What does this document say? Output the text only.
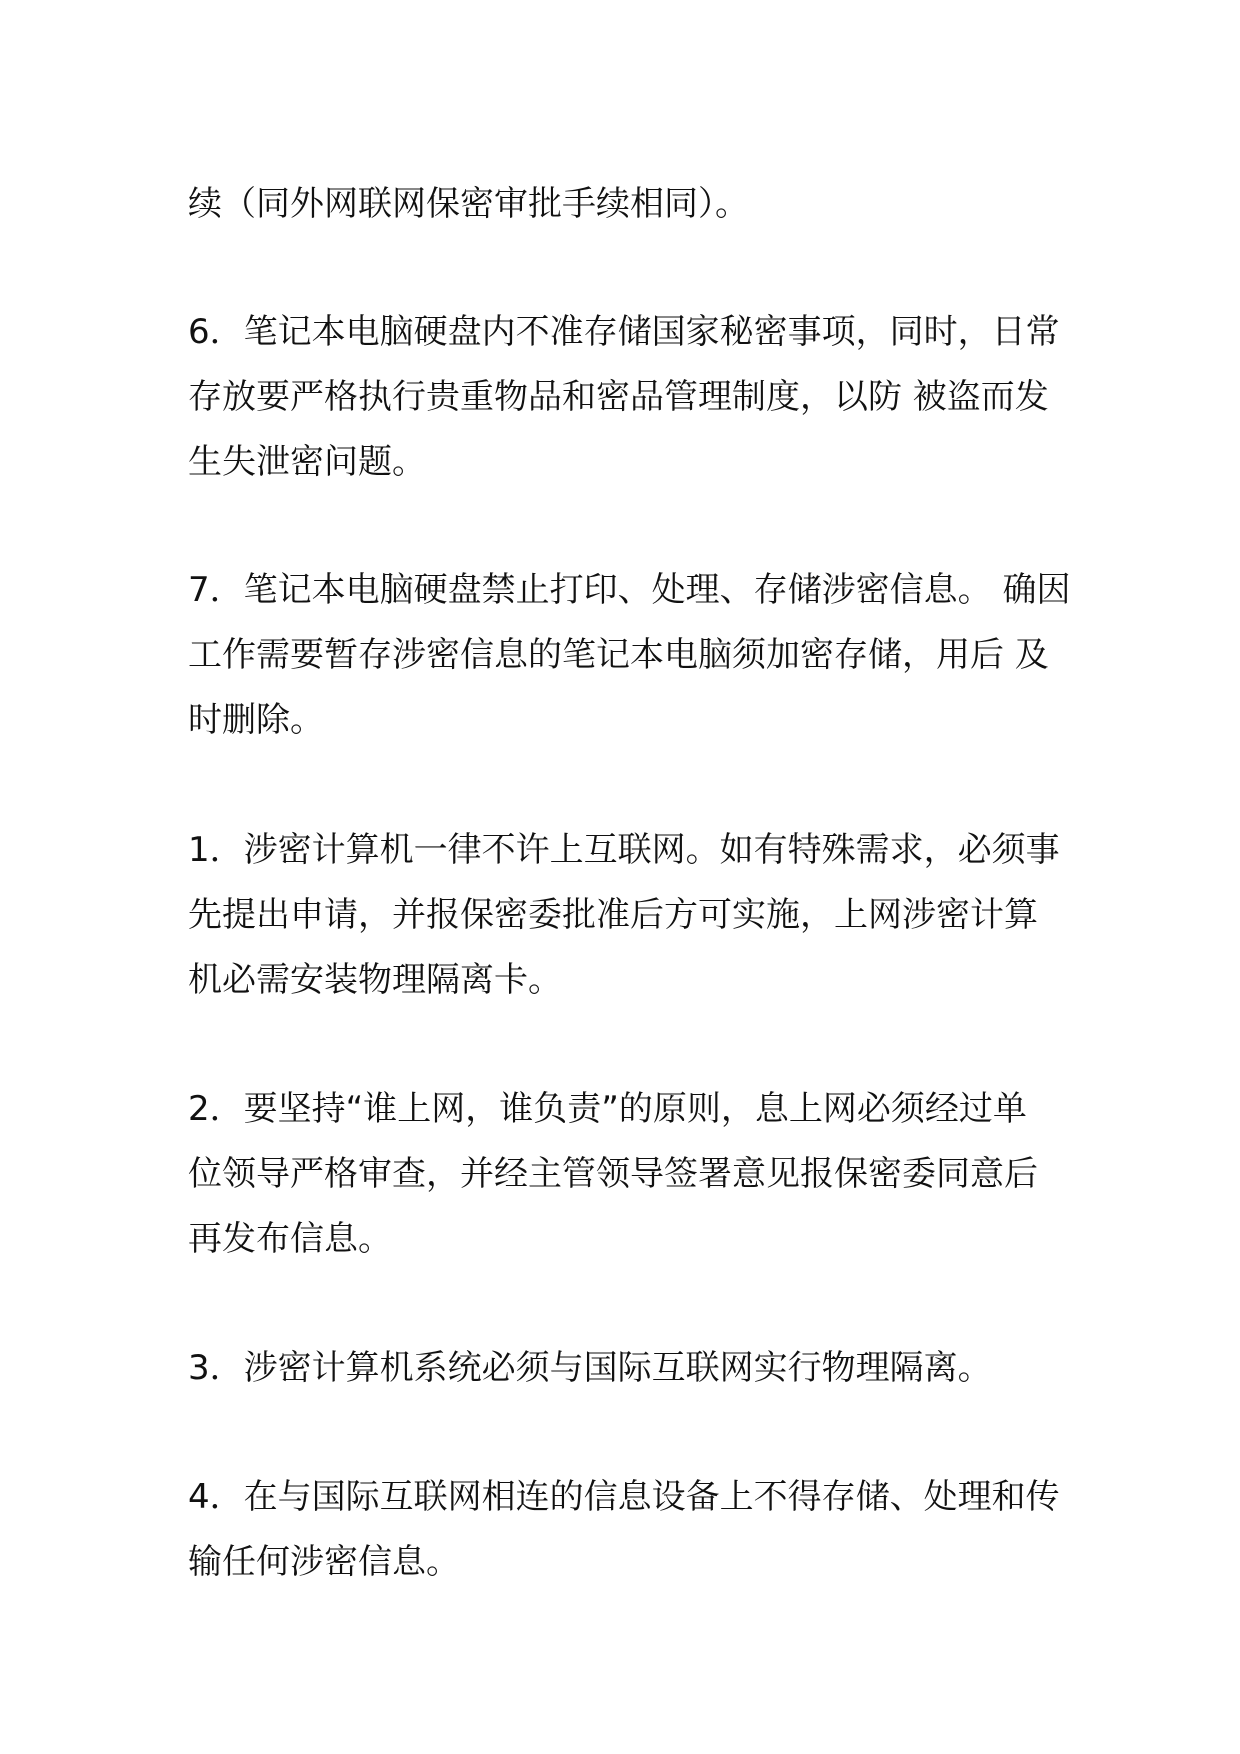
续（同外网联网保密审批手续相同）。
6．笔记本电脑硬盘内不准存储国家秘密事项，同时，日常
存放要严格执行贵重物品和密品管理制度，以防 被盗而发
生失泄密问题。
7．笔记本电脑硬盘禁止打印、处理、存储涉密信息。 确因
工作需要暂存涉密信息的笔记本电脑须加密存储，用后 及
时删除。
1．涉密计算机一律不许上互联网。如有特殊需求，必须事
先提出申请，并报保密委批准后方可实施，上网涉密计算
机必需安装物理隔离卡。
2．要坚持“谁上网，谁负责”的原则，息上网必须经过单
位领导严格审查，并经主管领导签署意见报保密委同意后
再发布信息。
3．涉密计算机系统必须与国际互联网实行物理隔离。
4．在与国际互联网相连的信息设备上不得存储、处理和传
输任何涉密信息。
